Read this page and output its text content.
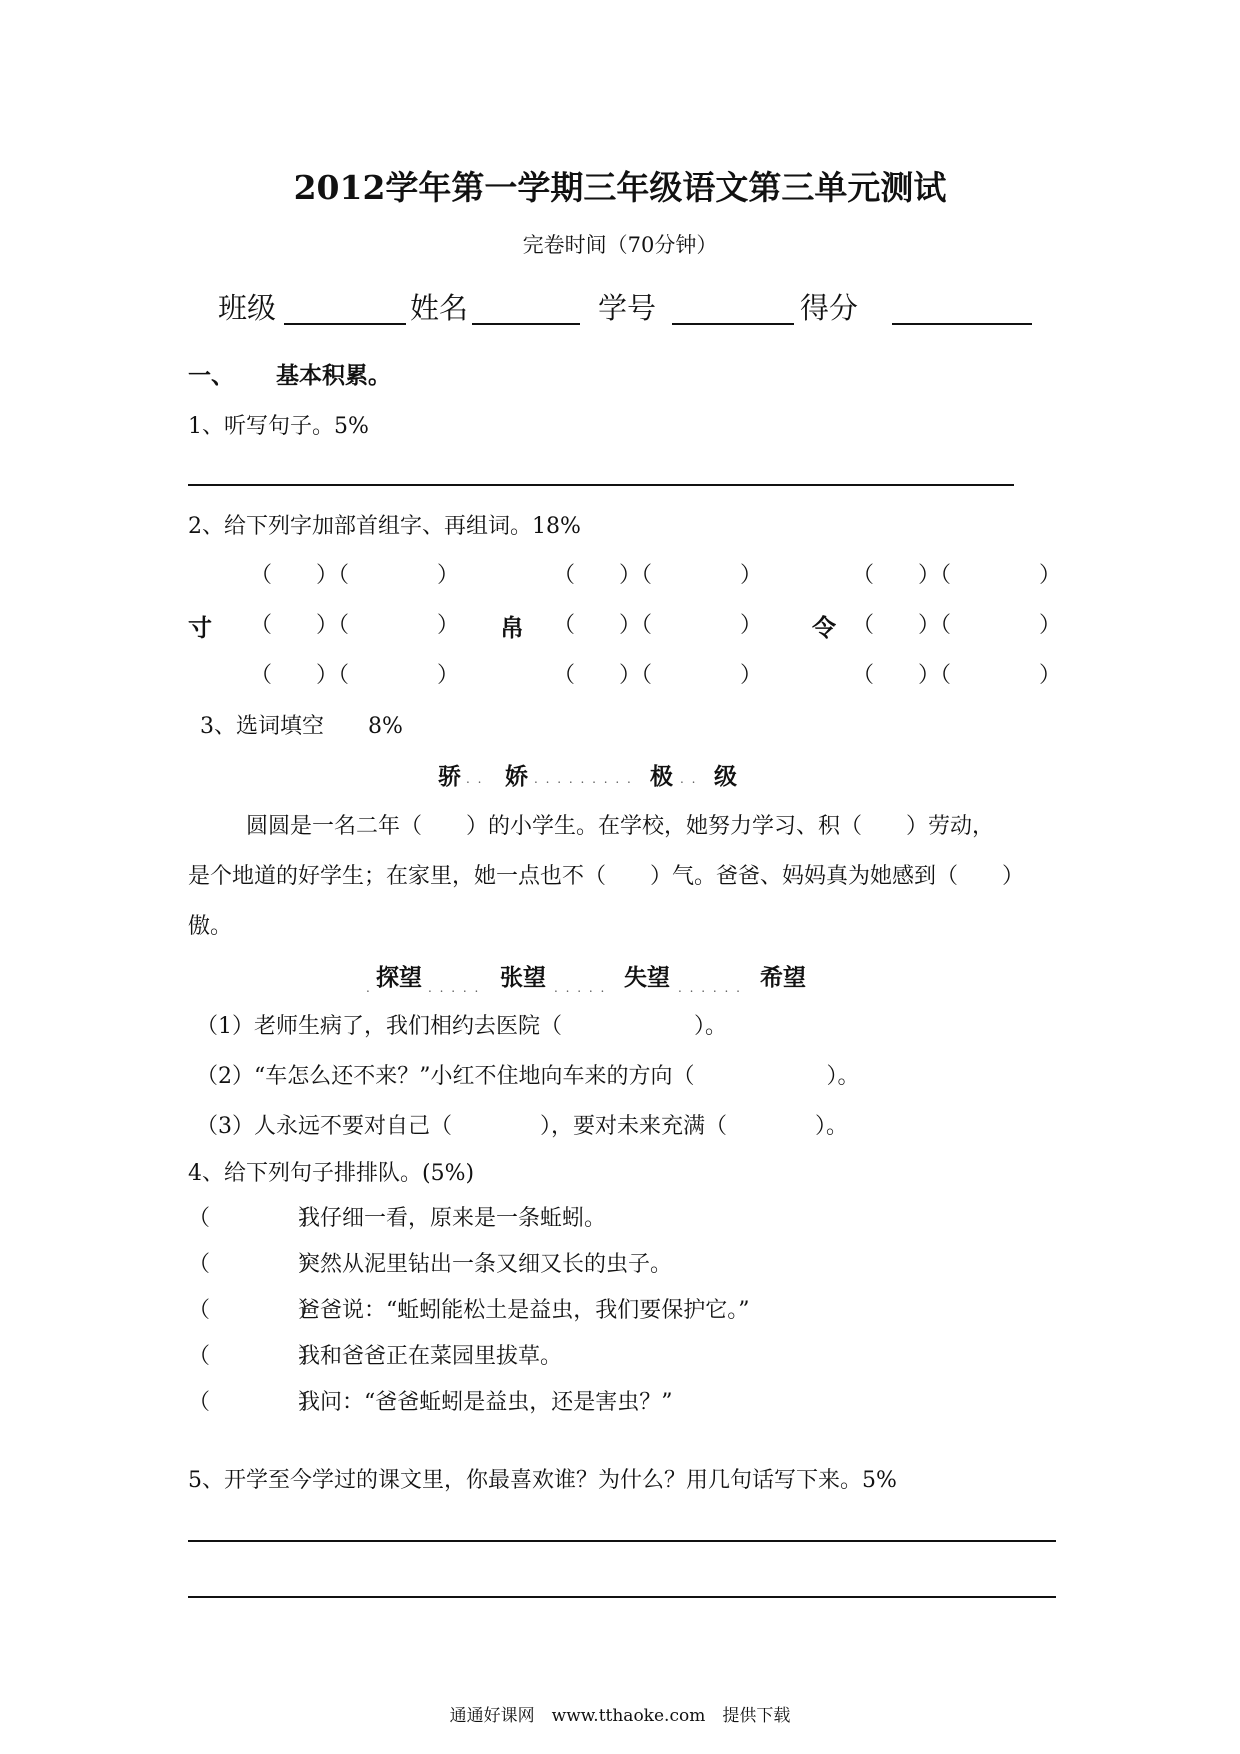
2012学年第一学期三年级语文第三单元测试
完卷时间（70分钟）
班级	姓名	学号	得分
一、 基本积累。
1、听写句子。5%
2、给下列字加部首组字、再组词。18%
（　　）（　　　　）	（　　）（　　　　）	（　　）（　　　　）
寸 （　　）（　　　　） 帛 （　　）（　　　　） 令 （　　）（　　　　）
（　　）（　　　　）	（　　）（　　　　）	（　　）（　　　　）
3、选词填空　　8%
骄 . . 娇 . . . . . . . . . 极 . . 级
圆圆是一名二年（　　）的小学生。在学校，她努力学习、积（　　）劳动，
是个地道的好学生；在家里，她一点也不（　　）气。爸爸、妈妈真为她感到（　　）
傲。
. 探望 . . . . . 张望 . . . . . 失望 . . . . . . 希望
（1）老师生病了，我们相约去医院（　　　　　　）。
（2）“车怎么还不来？”小红不住地向车来的方向（　　　　　　）。
（3）人永远不要对自己（　　　　），要对未来充满（　　　　）。
4、给下列句子排排队。(5%)
（　　　　）
我仔细一看，原来是一条蚯蚓。
（　　　　）
突然从泥里钻出一条又细又长的虫子。
（　　　　）
爸爸说：“蚯蚓能松土是益虫，我们要保护它。”
（　　　　）
我和爸爸正在菜园里拔草。
（　　　　）
我问：“爸爸蚯蚓是益虫，还是害虫？”
5、开学至今学过的课文里，你最喜欢谁？为什么？用几句话写下来。5%
通通好课网　www.tthaoke.com　提供下载
